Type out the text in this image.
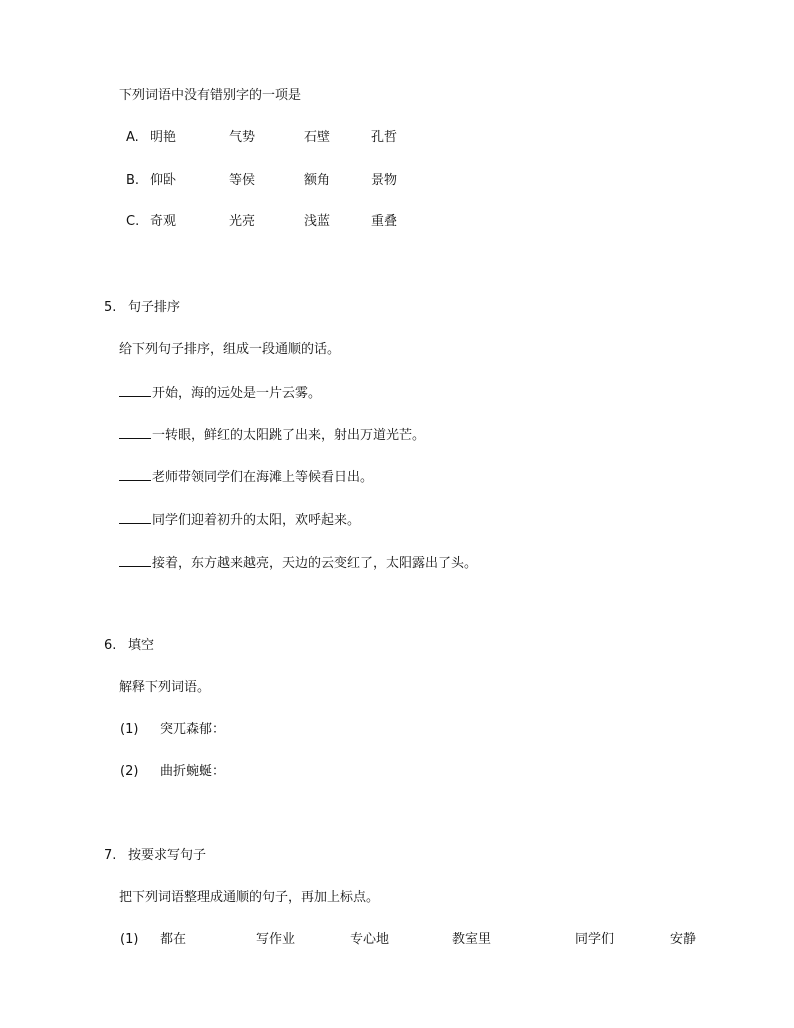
下列词语中没有错别字的一项是
A. 明艳	气势	石壁	孔哲
B. 仰卧	等侯	额角	景物
C. 奇观	光亮	浅蓝	重叠
5. 句子排序
给下列句子排序，组成一段通顺的话。
开始，海的远处是一片云雾。
一转眼，鲜红的太阳跳了出来，射出万道光芒。
老师带领同学们在海滩上等候看日出。
同学们迎着初升的太阳，欢呼起来。
接着，东方越来越亮，天边的云变红了，太阳露出了头。
6. 填空
解释下列词语。
(1) 突兀森郁：
(2) 曲折蜿蜒：
7. 按要求写句子
把下列词语整理成通顺的句子，再加上标点。
(1) 都在	写作业	专心地	教室里	同学们	安静
